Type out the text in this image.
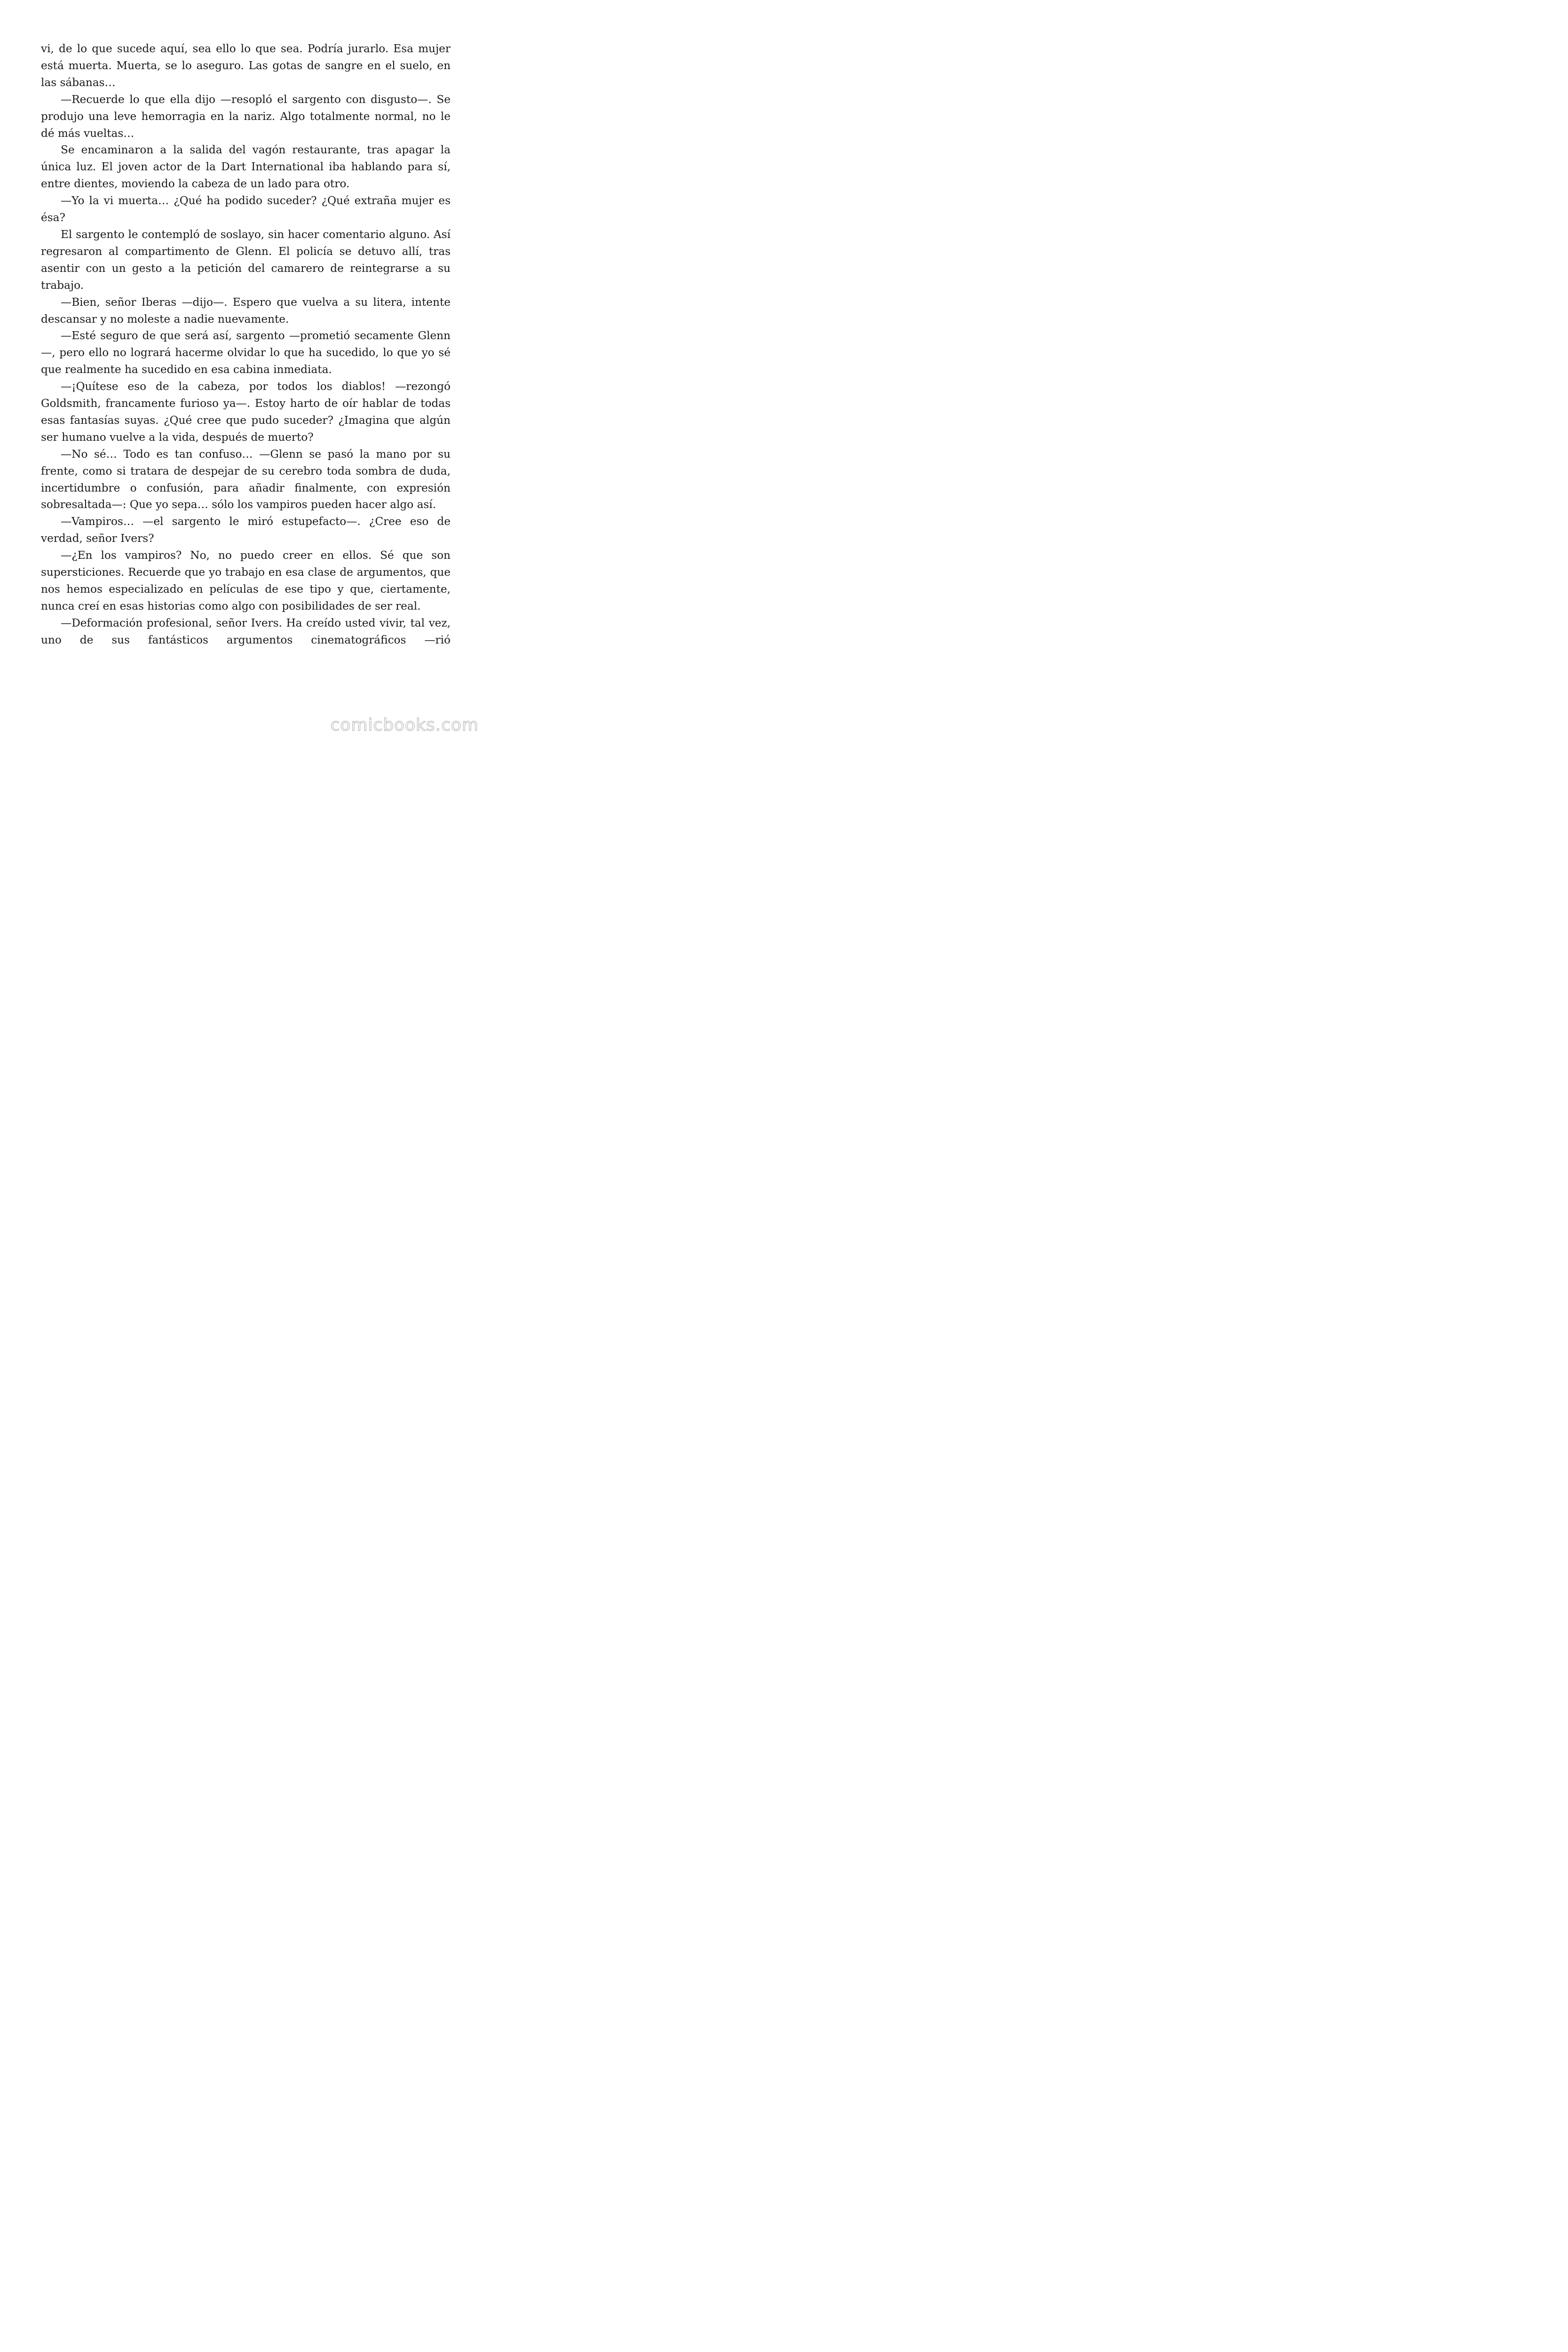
vi, de lo que sucede aquí, sea ello lo que sea. Podría jurarlo. Esa mujer está muerta. Muerta, se lo aseguro. Las gotas de sangre en el suelo, en las sábanas…

—Recuerde lo que ella dijo —resopló el sargento con disgusto—. Se produjo una leve hemorragia en la nariz. Algo totalmente normal, no le dé más vueltas…

Se encaminaron a la salida del vagón restaurante, tras apagar la única luz. El joven actor de la Dart International iba hablando para sí, entre dientes, moviendo la cabeza de un lado para otro.

—Yo la vi muerta… ¿Qué ha podido suceder? ¿Qué extraña mujer es ésa?

El sargento le contempló de soslayo, sin hacer comentario alguno. Así regresaron al compartimento de Glenn. El policía se detuvo allí, tras asentir con un gesto a la petición del camarero de reintegrarse a su trabajo.

—Bien, señor Iberas —dijo—. Espero que vuelva a su litera, intente descansar y no moleste a nadie nuevamente.

—Esté seguro de que será así, sargento —prometió secamente Glenn—, pero ello no logrará hacerme olvidar lo que ha sucedido, lo que yo sé que realmente ha sucedido en esa cabina inmediata.

—¡Quítese eso de la cabeza, por todos los diablos! —rezongó Goldsmith, francamente furioso ya—. Estoy harto de oír hablar de todas esas fantasías suyas. ¿Qué cree que pudo suceder? ¿Imagina que algún ser humano vuelve a la vida, después de muerto?

—No sé… Todo es tan confuso… —Glenn se pasó la mano por su frente, como si tratara de despejar de su cerebro toda sombra de duda, incertidumbre o confusión, para añadir finalmente, con expresión sobresaltada—: Que yo sepa… sólo los vampiros pueden hacer algo así.

—Vampiros… —el sargento le miró estupefacto—. ¿Cree eso de verdad, señor Ivers?

—¿En los vampiros? No, no puedo creer en ellos. Sé que son supersticiones. Recuerde que yo trabajo en esa clase de argumentos, que nos hemos especializado en películas de ese tipo y que, ciertamente, nunca creí en esas historias como algo con posibilidades de ser real.

—Deformación profesional, señor Ivers. Ha creído usted vivir, tal vez, uno de sus fantásticos argumentos cinematográficos —rió

comicbooks.com
